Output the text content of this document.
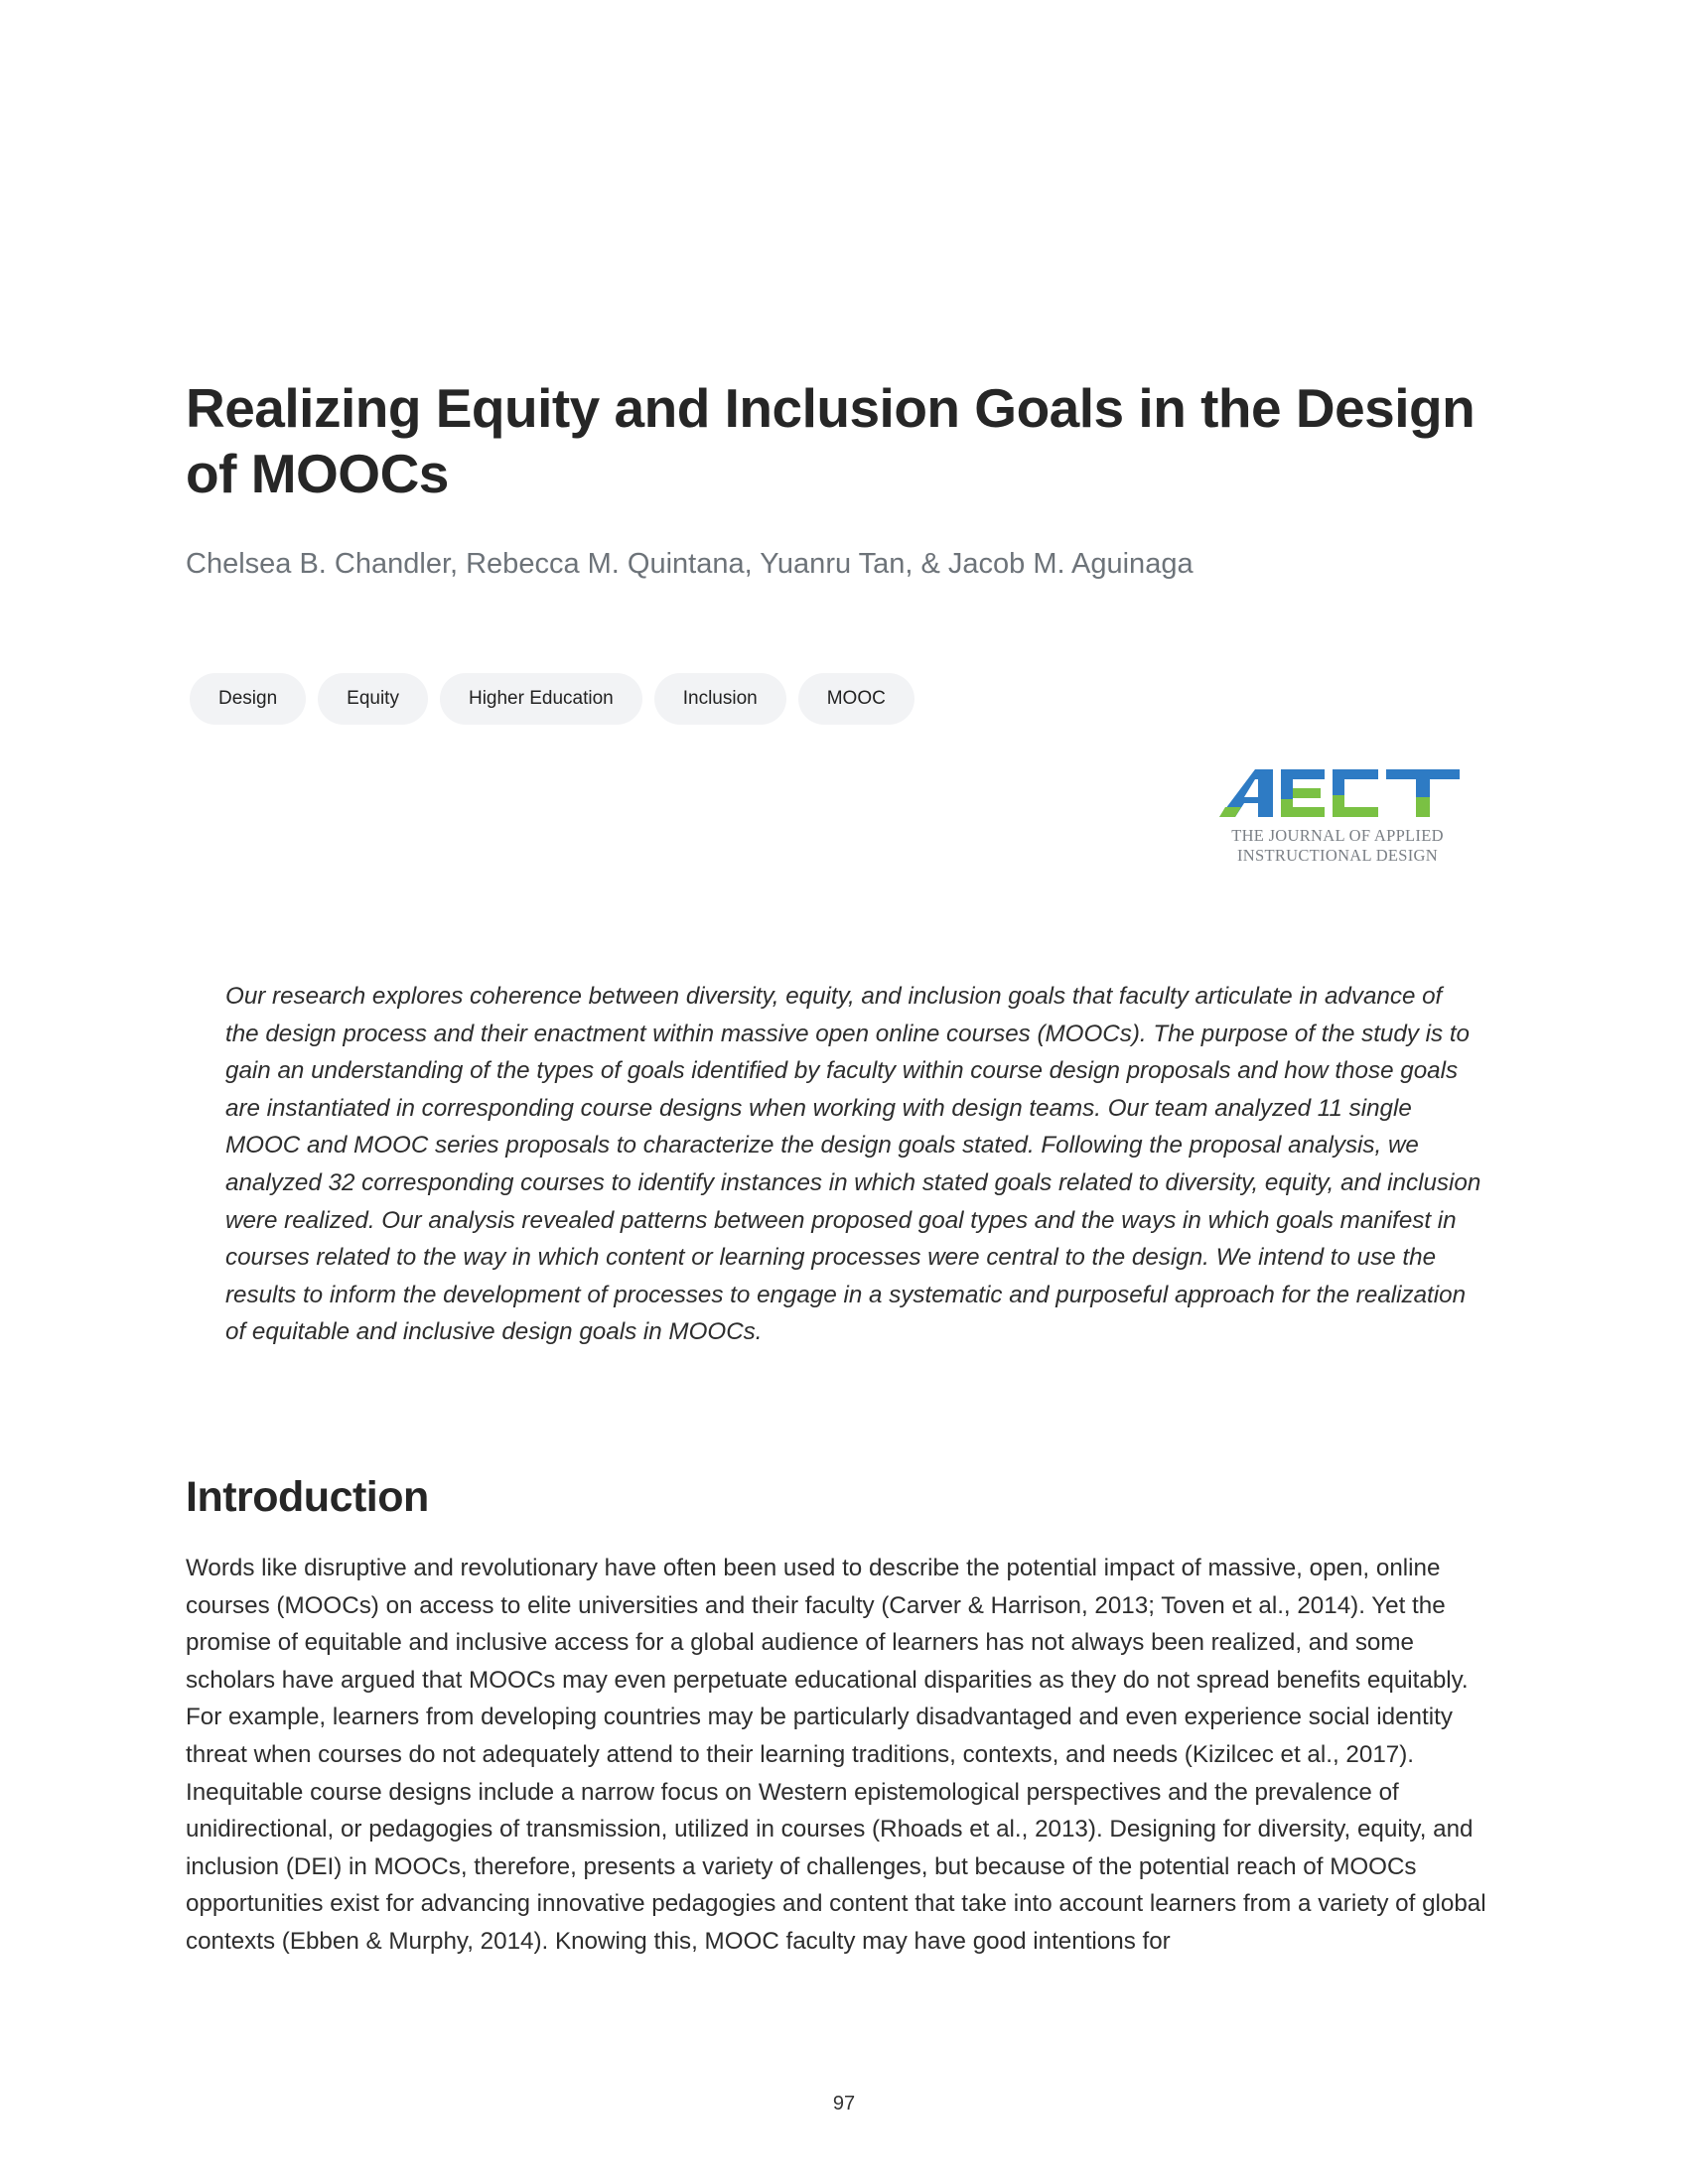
Realizing Equity and Inclusion Goals in the Design of MOOCs

Chelsea B. Chandler, Rebecca M. Quintana, Yuanru Tan, & Jacob M. Aguinaga

Design	Equity	Higher Education	Inclusion	MOOC
THE JOURNAL OF APPLIED
INSTRUCTIONAL DESIGN

Our research explores coherence between diversity, equity, and inclusion goals that faculty articulate in advance of the design process and their enactment within massive open online courses (MOOCs). The purpose of the study is to gain an understanding of the types of goals identified by faculty within course design proposals and how those goals are instantiated in corresponding course designs when working with design teams. Our team analyzed 11 single MOOC and MOOC series proposals to characterize the design goals stated. Following the proposal analysis, we analyzed 32 corresponding courses to identify instances in which stated goals related to diversity, equity, and inclusion were realized. Our analysis revealed patterns between proposed goal types and the ways in which goals manifest in courses related to the way in which content or learning processes were central to the design. We intend to use the results to inform the development of processes to engage in a systematic and purposeful approach for the realization of equitable and inclusive design goals in MOOCs.

Introduction

Words like disruptive and revolutionary have often been used to describe the potential impact of massive, open, online courses (MOOCs) on access to elite universities and their faculty (Carver & Harrison, 2013; Toven et al., 2014). Yet the promise of equitable and inclusive access for a global audience of learners has not always been realized, and some scholars have argued that MOOCs may even perpetuate educational disparities as they do not spread benefits equitably. For example, learners from developing countries may be particularly disadvantaged and even experience social identity threat when courses do not adequately attend to their learning traditions, contexts, and needs (Kizilcec et al., 2017). Inequitable course designs include a narrow focus on Western epistemological perspectives and the prevalence of unidirectional, or pedagogies of transmission, utilized in courses (Rhoads et al., 2013). Designing for diversity, equity, and inclusion (DEI) in MOOCs, therefore, presents a variety of challenges, but because of the potential reach of MOOCs opportunities exist for advancing innovative pedagogies and content that take into account learners from a variety of global contexts (Ebben & Murphy, 2014). Knowing this, MOOC faculty may have good intentions for

97
